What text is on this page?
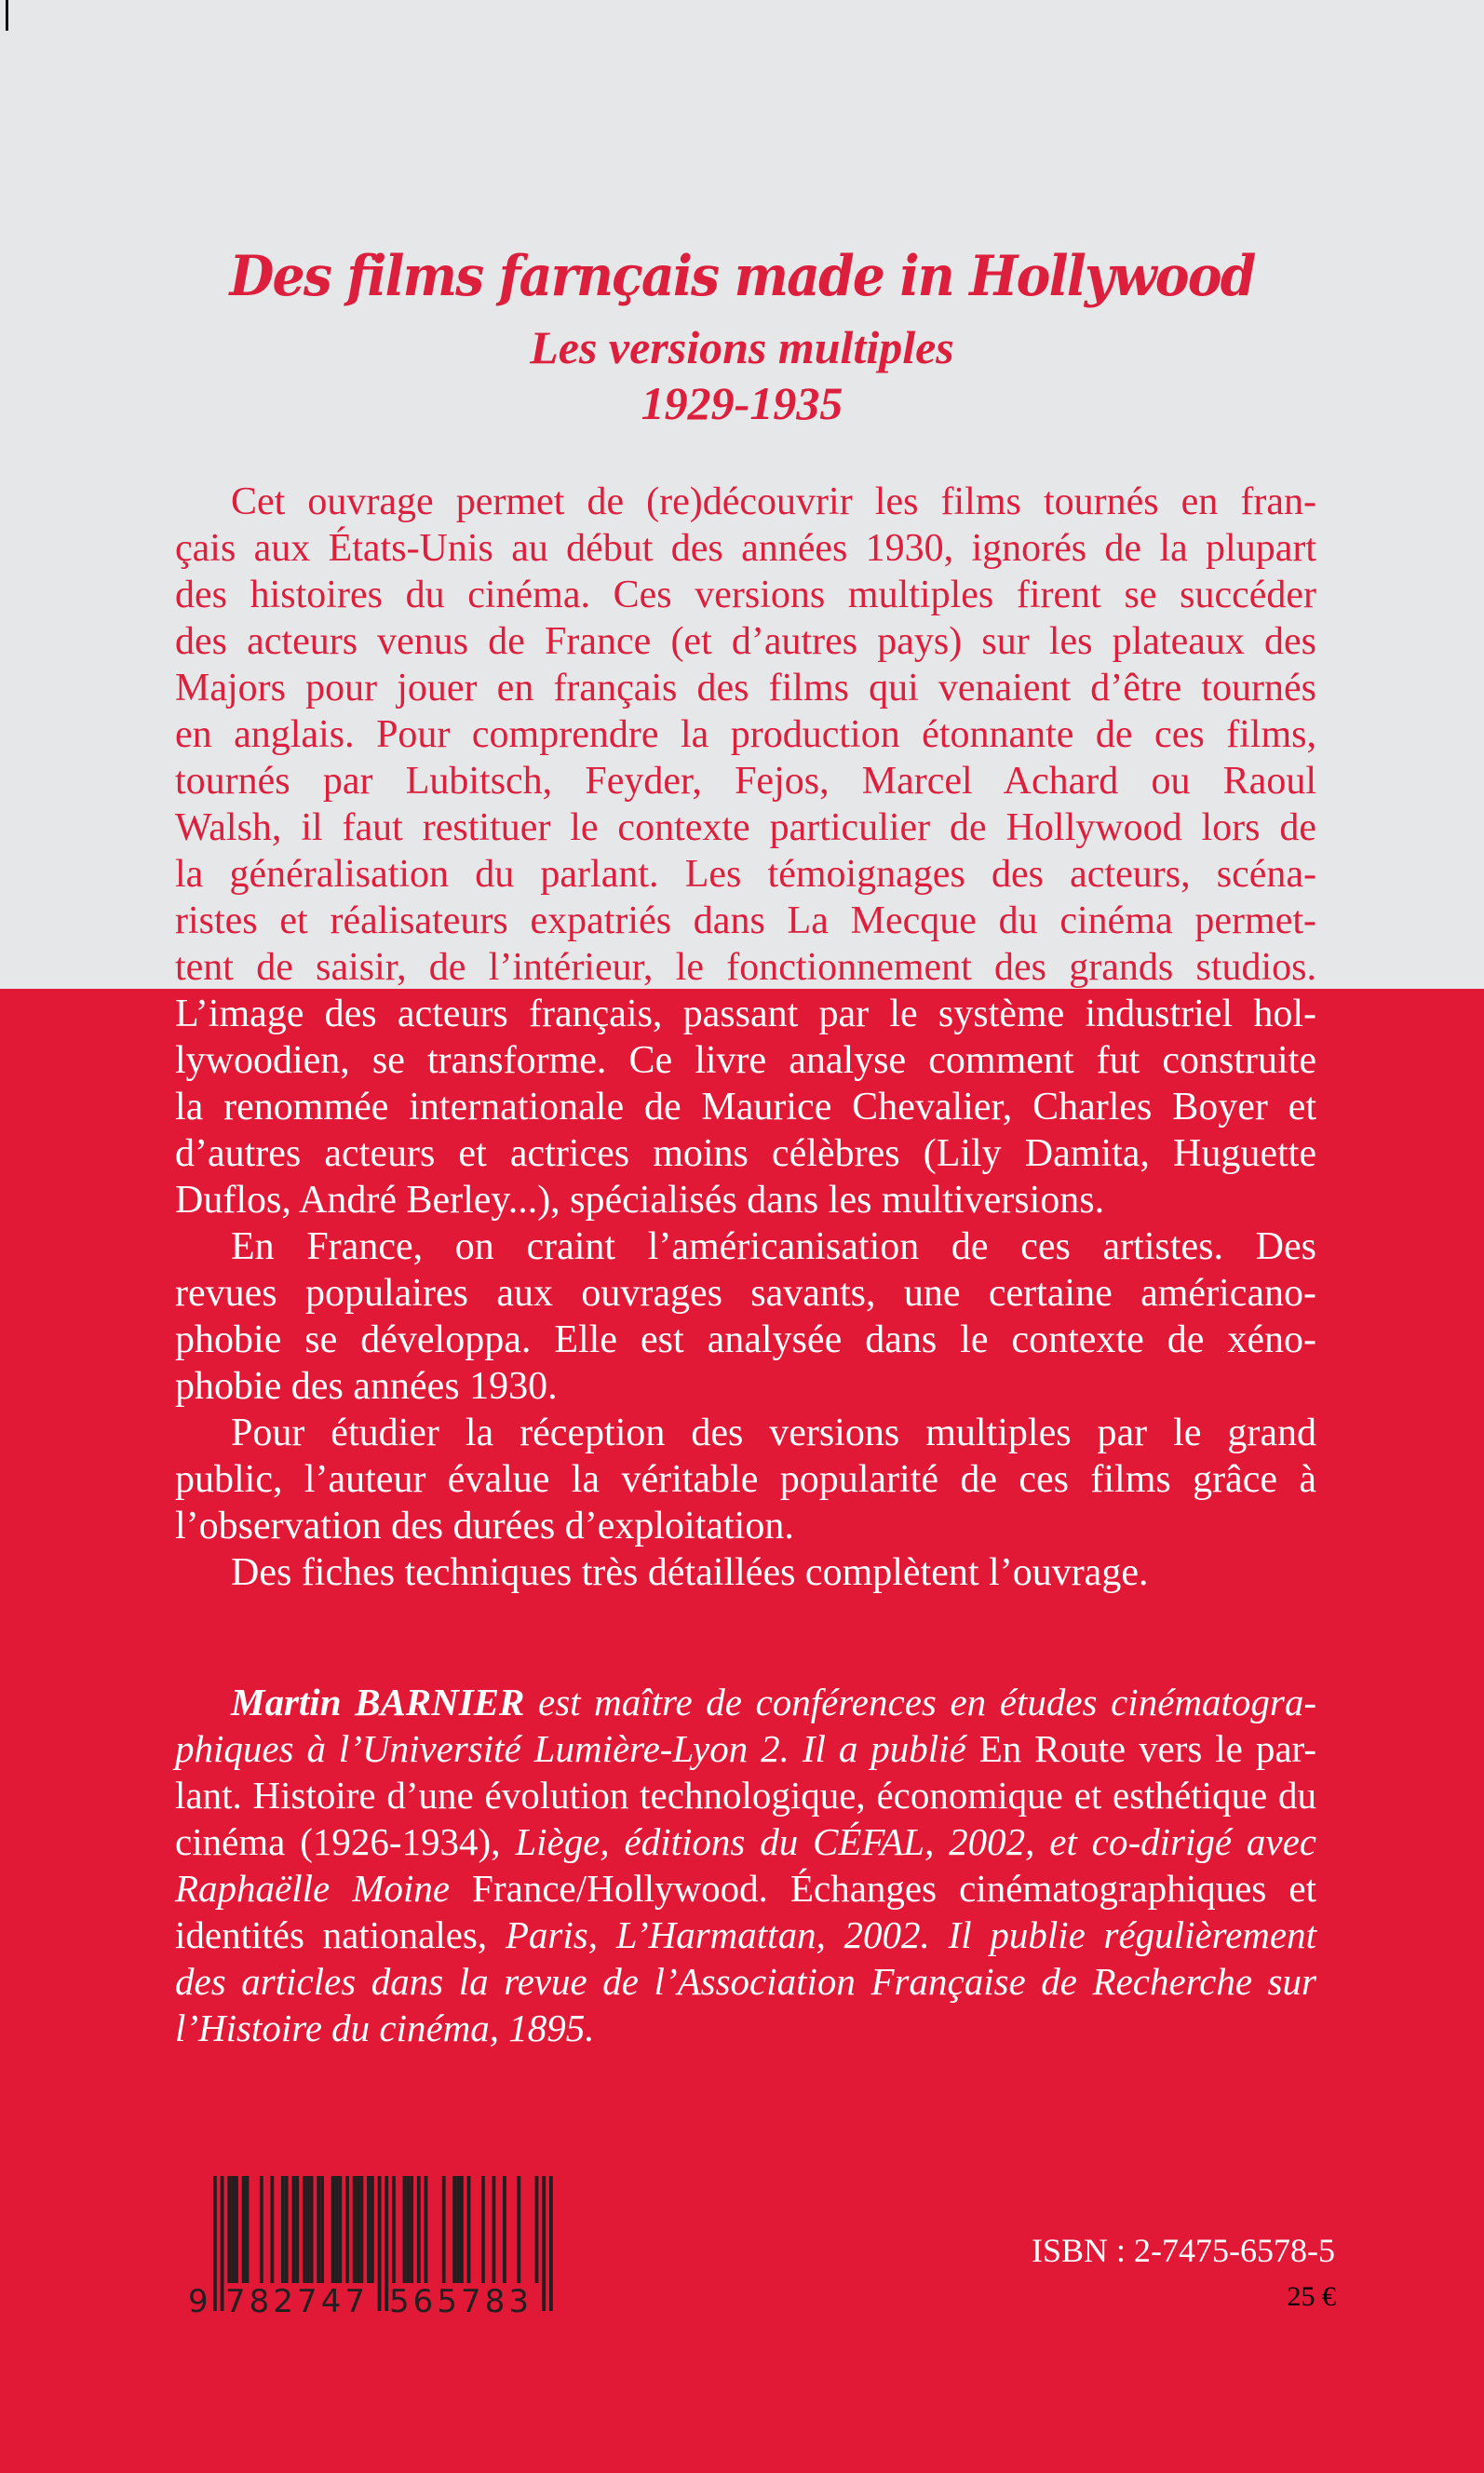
Des films farnçais made in Hollywood
Les versions multiples
1929-1935
Cet ouvrage permet de (re)découvrir les films tournés en fran-
çais aux États-Unis au début des années 1930, ignorés de la plupart
des histoires du cinéma. Ces versions multiples firent se succéder
des acteurs venus de France (et d’autres pays) sur les plateaux des
Majors pour jouer en français des films qui venaient d’être tournés
en anglais. Pour comprendre la production étonnante de ces films,
tournés par Lubitsch, Feyder, Fejos, Marcel Achard ou Raoul
Walsh, il faut restituer le contexte particulier de Hollywood lors de
la généralisation du parlant. Les témoignages des acteurs, scéna-
ristes et réalisateurs expatriés dans La Mecque du cinéma permet-
tent de saisir, de l’intérieur, le fonctionnement des grands studios.
L’image des acteurs français, passant par le système industriel hol-
lywoodien, se transforme. Ce livre analyse comment fut construite
la renommée internationale de Maurice Chevalier, Charles Boyer et
d’autres acteurs et actrices moins célèbres (Lily Damita, Huguette
Duflos, André Berley...), spécialisés dans les multiversions.
En France, on craint l’américanisation de ces artistes. Des
revues populaires aux ouvrages savants, une certaine américano-
phobie se développa. Elle est analysée dans le contexte de xéno-
phobie des années 1930.
Pour étudier la réception des versions multiples par le grand
public, l’auteur évalue la véritable popularité de ces films grâce à
l’observation des durées d’exploitation.
Des fiches techniques très détaillées complètent l’ouvrage.
Martin BARNIER est maître de conférences en études cinématogra-
phiques à l’Université Lumière-Lyon 2. Il a publié En Route vers le par-
lant. Histoire d’une évolution technologique, économique et esthétique du
cinéma (1926-1934), Liège, éditions du CÉFAL, 2002, et co-dirigé avec
Raphaëlle Moine France/Hollywood. Échanges cinématographiques et
identités nationales, Paris, L’Harmattan, 2002. Il publie régulièrement
des articles dans la revue de l’Association Française de Recherche sur
l’Histoire du cinéma, 1895.
9 782747 565783
ISBN : 2-7475-6578-5
25 €
